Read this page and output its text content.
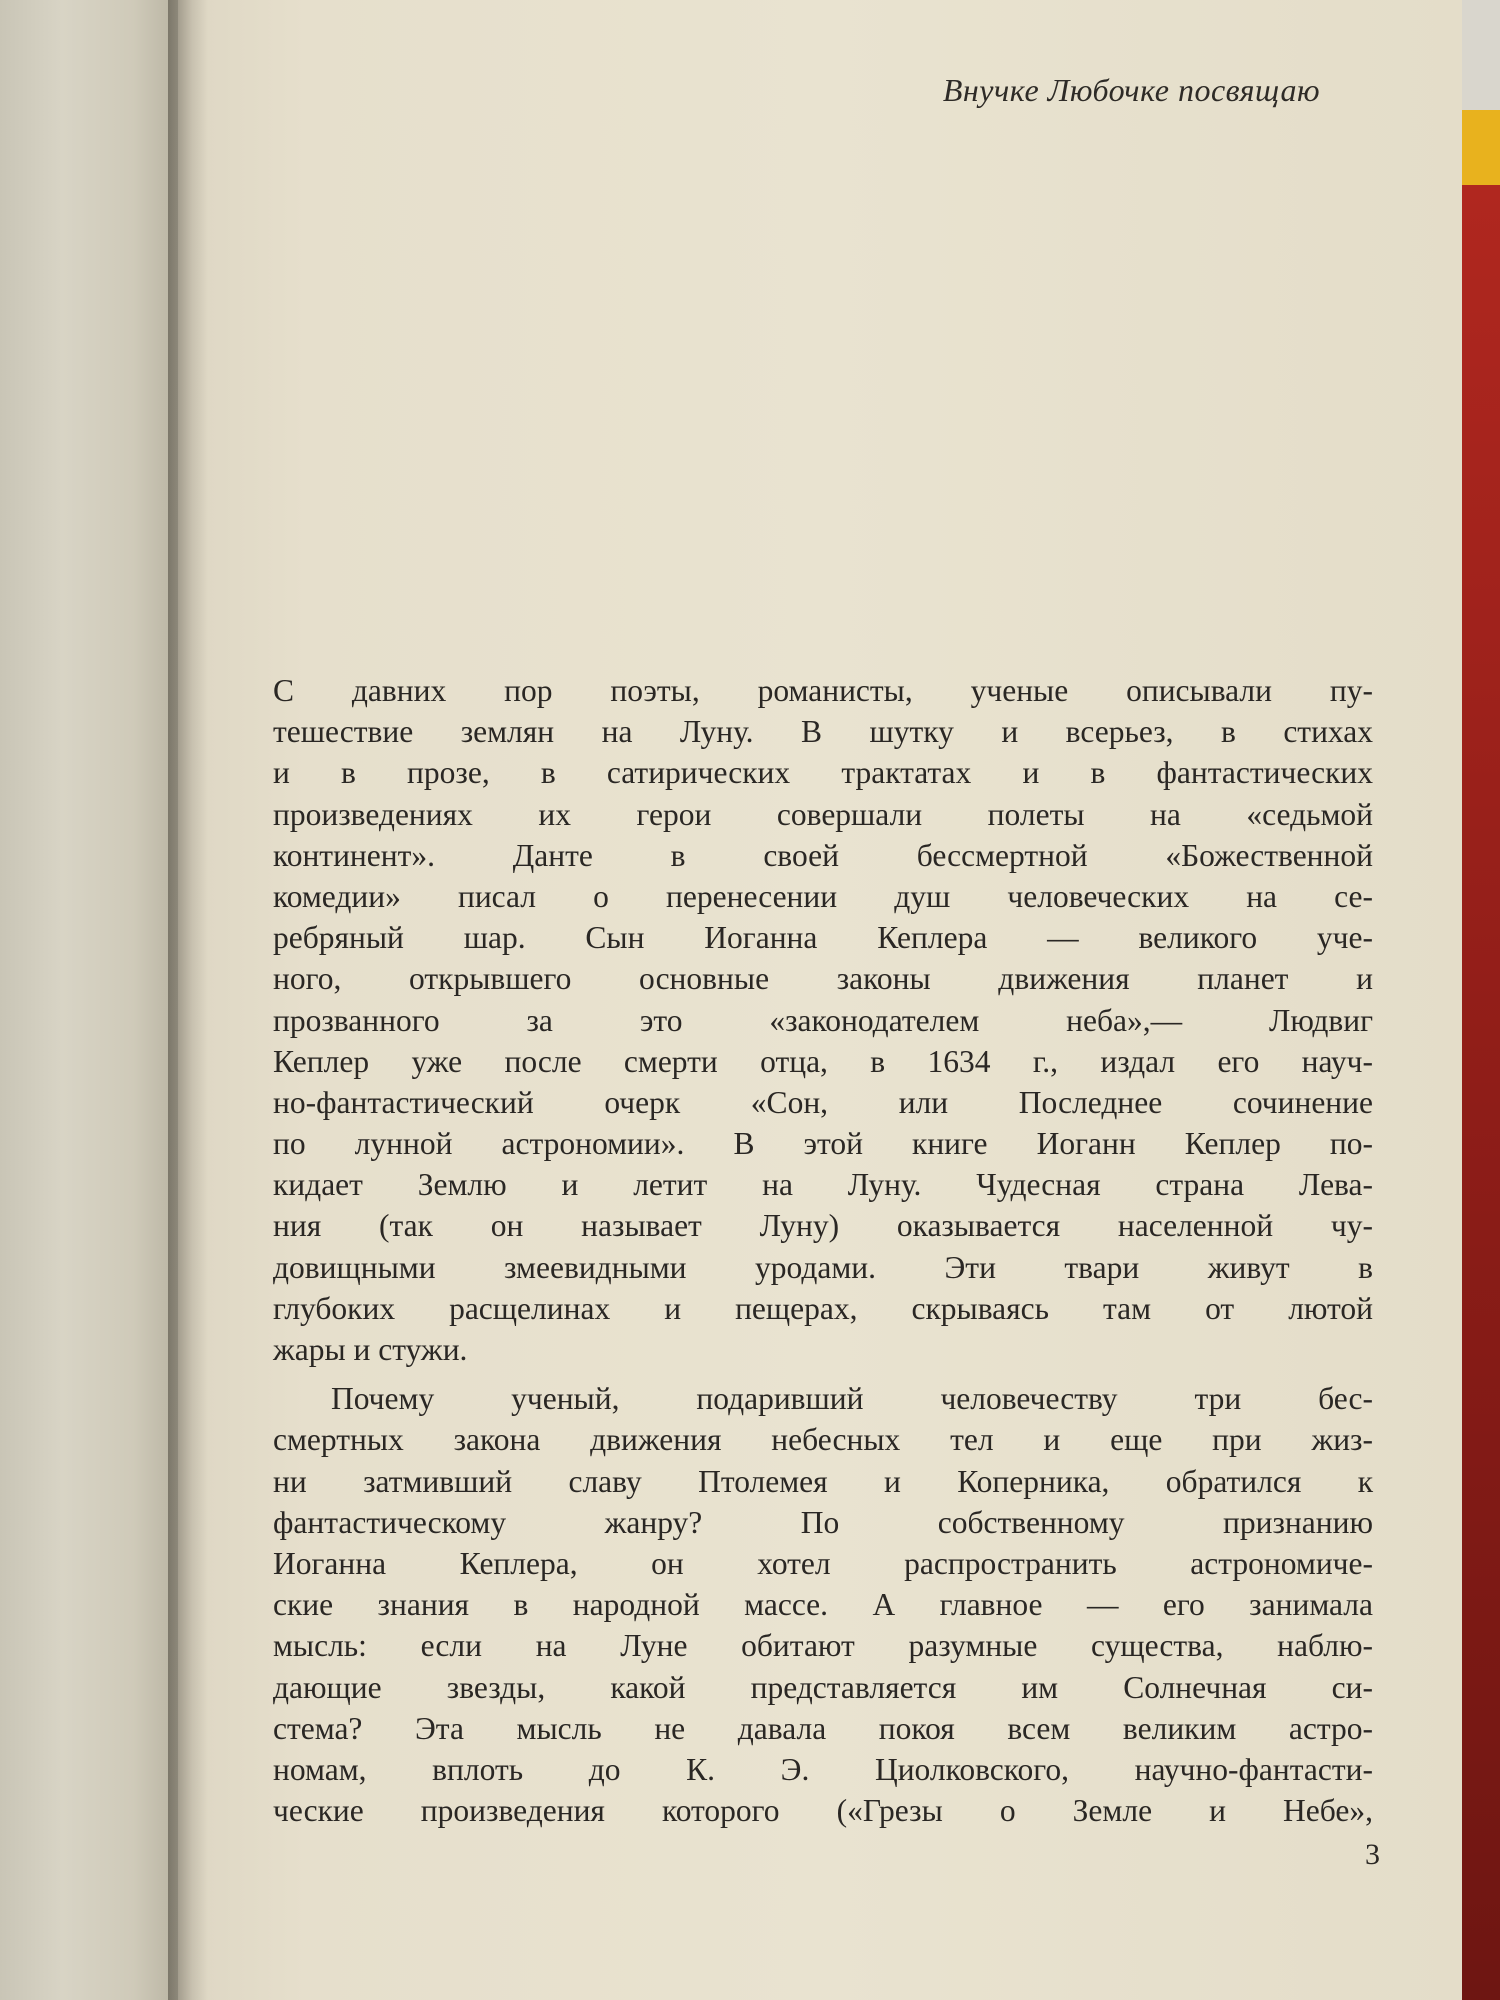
Внучке Любочке посвящаю
С давних пор поэты, романисты, ученые описывали пу-
тешествие землян на Луну. В шутку и всерьез, в стихах
и в прозе, в сатирических трактатах и в фантастических
произведениях их герои совершали полеты на «седьмой
континент». Данте в своей бессмертной «Божественной
комедии» писал о перенесении душ человеческих на се-
ребряный шар. Сын Иоганна Кеплера — великого уче-
ного, открывшего основные законы движения планет и
прозванного за это «законодателем неба»,— Людвиг
Кеплер уже после смерти отца, в 1634 г., издал его науч-
но-фантастический очерк «Сон, или Последнее сочинение
по лунной астрономии». В этой книге Иоганн Кеплер по-
кидает Землю и летит на Луну. Чудесная страна Лева-
ния (так он называет Луну) оказывается населенной чу-
довищными змеевидными уродами. Эти твари живут в
глубоких расщелинах и пещерах, скрываясь там от лютой
жары и стужи.
Почему ученый, подаривший человечеству три бес-
смертных закона движения небесных тел и еще при жиз-
ни затмивший славу Птолемея и Коперника, обратился к
фантастическому жанру? По собственному признанию
Иоганна Кеплера, он хотел распространить астрономиче-
ские знания в народной массе. А главное — его занимала
мысль: если на Луне обитают разумные существа, наблю-
дающие звезды, какой представляется им Солнечная си-
стема? Эта мысль не давала покоя всем великим астро-
номам, вплоть до К. Э. Циолковского, научно-фантасти-
ческие произведения которого («Грезы о Земле и Небе»,
3
